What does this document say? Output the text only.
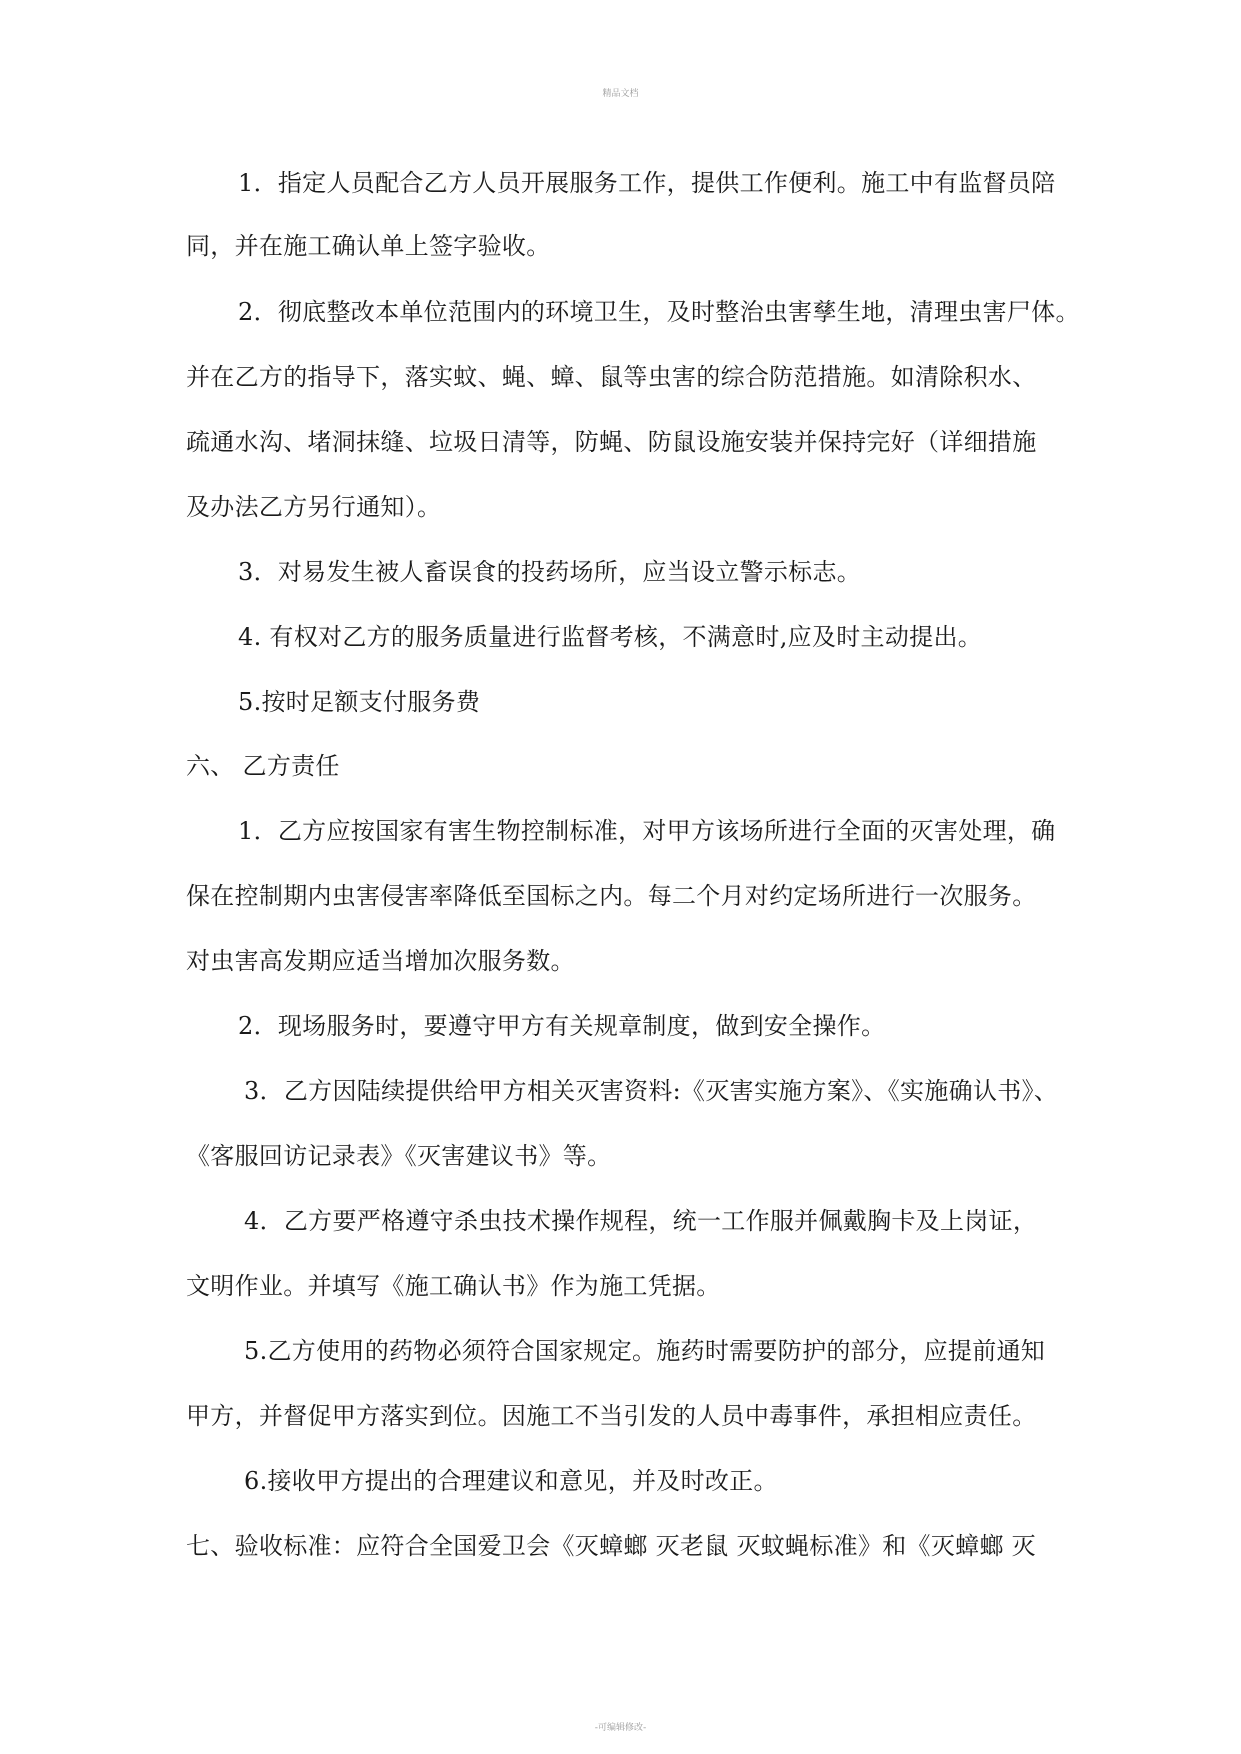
精品文档
1．指定人员配合乙方人员开展服务工作，提供工作便利。施工中有监督员陪
同，并在施工确认单上签字验收。
2．彻底整改本单位范围内的环境卫生，及时整治虫害孳生地，清理虫害尸体。
并在乙方的指导下，落实蚊、蝇、蟑、鼠等虫害的综合防范措施。如清除积水、
疏通水沟、堵洞抹缝、垃圾日清等，防蝇、防鼠设施安装并保持完好（详细措施
及办法乙方另行通知）。
3．对易发生被人畜误食的投药场所，应当设立警示标志。
4. 有权对乙方的服务质量进行监督考核，不满意时,应及时主动提出。
5.按时足额支付服务费
六、 乙方责任
1．乙方应按国家有害生物控制标准，对甲方该场所进行全面的灭害处理，确
保在控制期内虫害侵害率降低至国标之内。每二个月对约定场所进行一次服务。
对虫害高发期应适当增加次服务数。
2．现场服务时，要遵守甲方有关规章制度，做到安全操作。
3．乙方因陆续提供给甲方相关灭害资料:《灭害实施方案》、《实施确认书》、
《客服回访记录表》《灭害建议书》等。
4．乙方要严格遵守杀虫技术操作规程，统一工作服并佩戴胸卡及上岗证，
文明作业。并填写《施工确认书》作为施工凭据。
5.乙方使用的药物必须符合国家规定。施药时需要防护的部分，应提前通知
甲方，并督促甲方落实到位。因施工不当引发的人员中毒事件，承担相应责任。
6.接收甲方提出的合理建议和意见，并及时改正。
七、验收标准：应符合全国爱卫会《灭蟑螂 灭老鼠 灭蚊蝇标准》和《灭蟑螂 灭
-可编辑修改-
